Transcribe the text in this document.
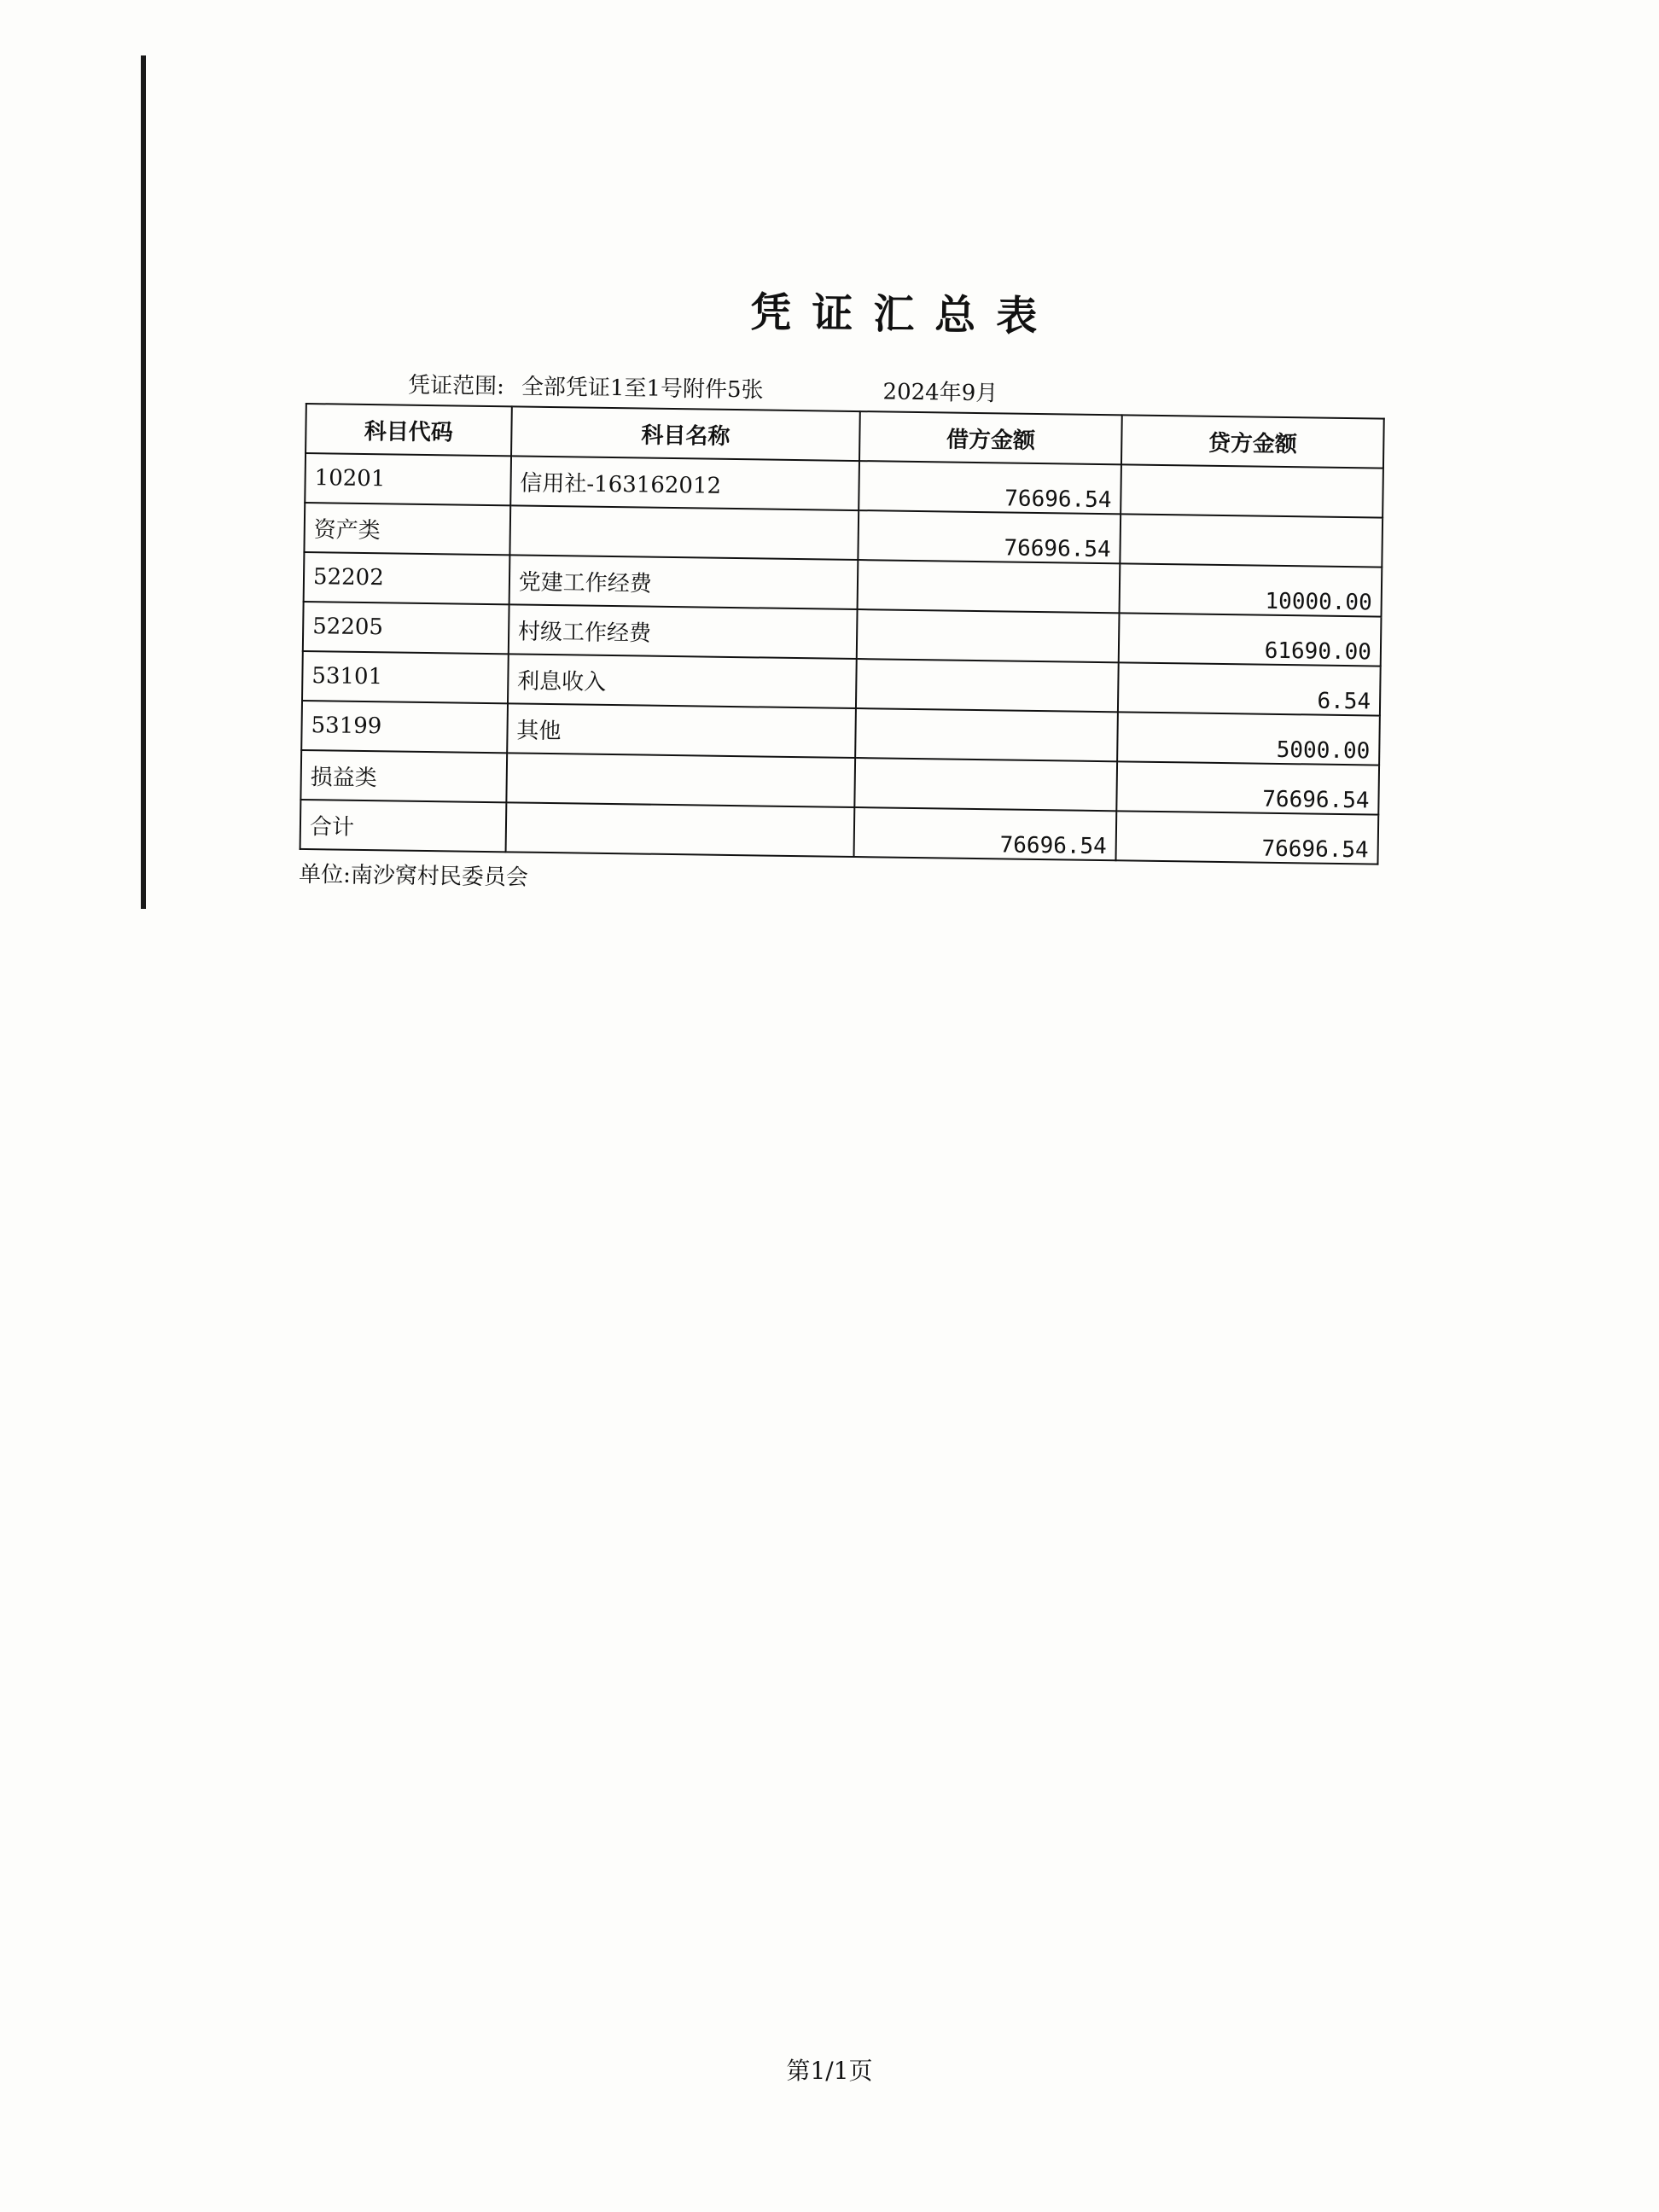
凭证汇总表
凭证范围: 全部凭证1至1号附件5张	2024年9月
科目代码	科目名称	借方金额	贷方金额
10201	信用社-163162012	76696.54	
资产类		76696.54	
52202	党建工作经费		10000.00
52205	村级工作经费		61690.00
53101	利息收入		6.54
53199	其他		5000.00
损益类			76696.54
合计		76696.54	76696.54
单位:南沙窝村民委员会
第1/1页
